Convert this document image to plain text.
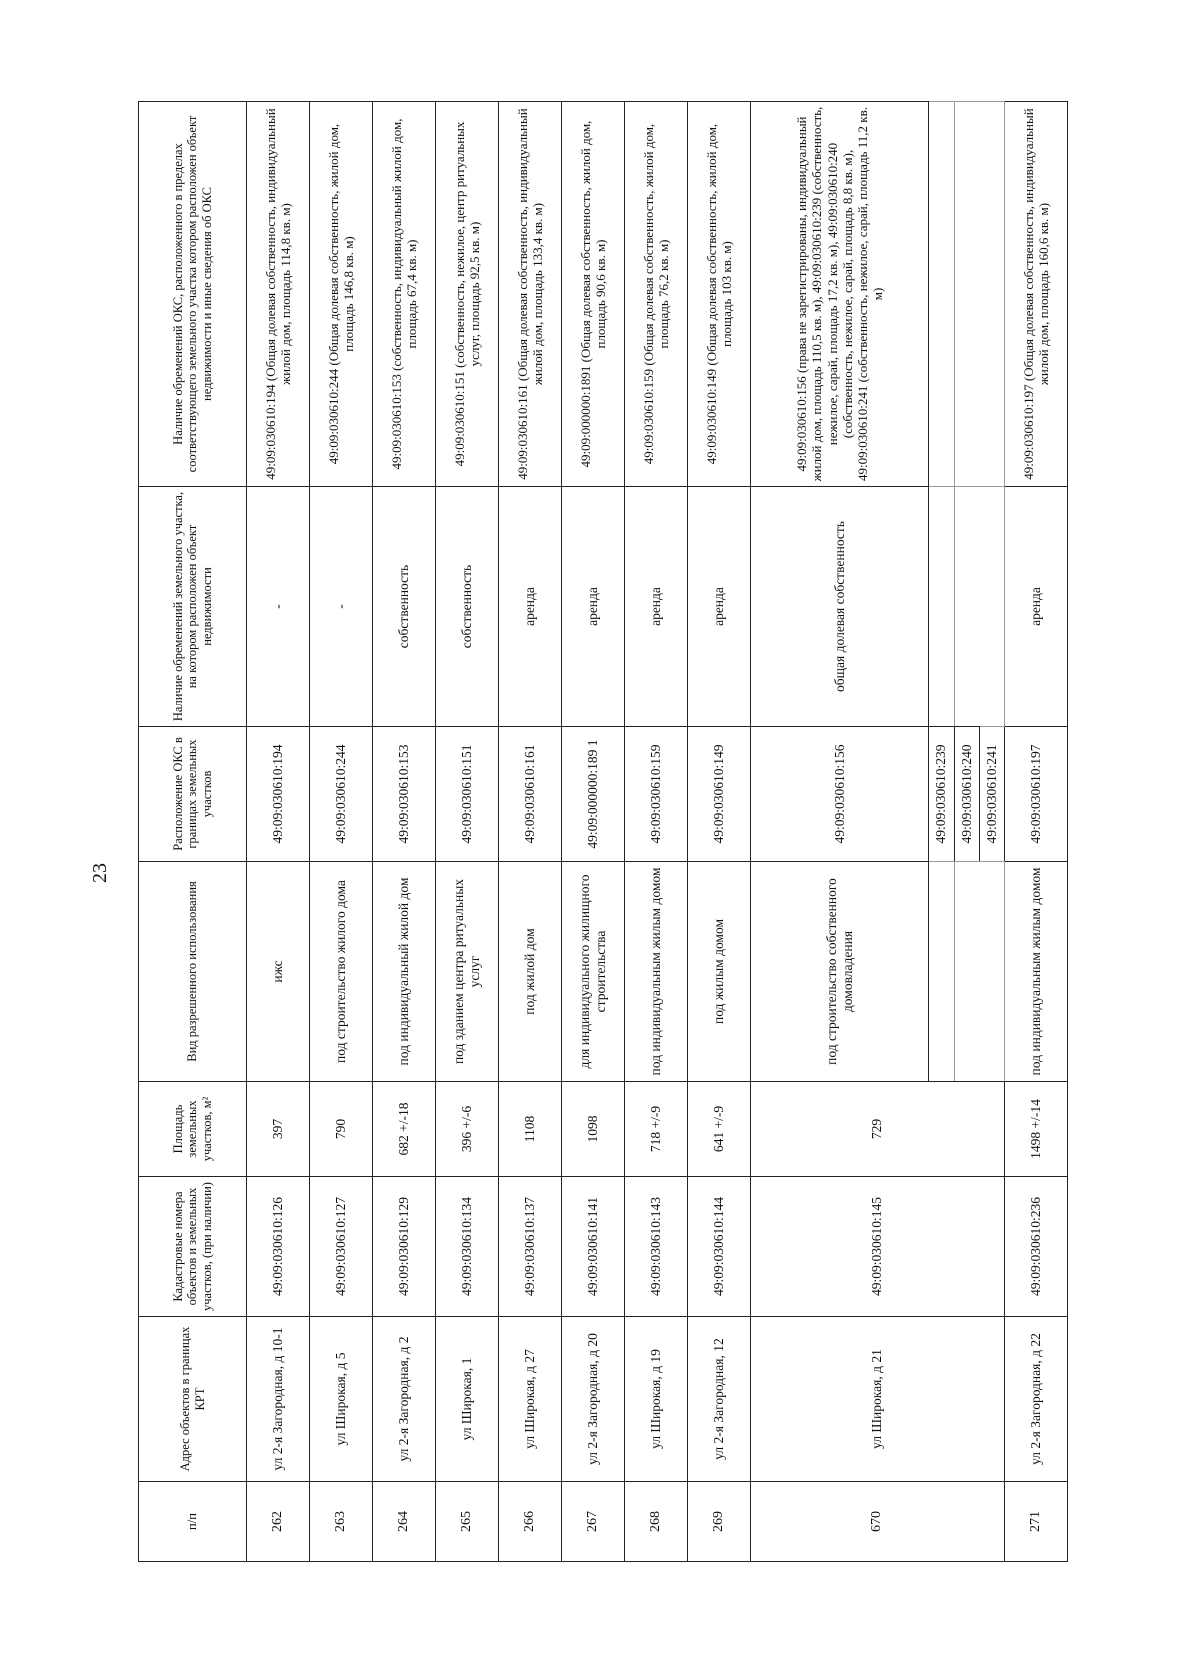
23
п/п	Адрес объектов в границах КРТ	Кадастровые номера объектов и земельных участков, (при наличии)	Площадь земельных участков, м²	Вид разрешенного использования	Расположение ОКС в границах земельных участков	Наличие обременений земельного участка, на котором расположен объект недвижимости	Наличие обременений ОКС, расположенного в пределах соответствующего земельного участка котором расположен объект недвижимости и иные сведения об ОКС
262	ул 2-я Загородная, д 10-1	49:09:030610:126	397	ижс	49:09:030610:194	-	49:09:030610:194 (Общая долевая собственность, индивидуальный жилой дом, площадь 114,8 кв. м)
263	ул Широкая, д 5	49:09:030610:127	790	под строительство жилого дома	49:09:030610:244	-	49:09:030610:244 (Общая долевая собственность, жилой дом, площадь 146,8 кв. м)
264	ул 2-я Загородная, д 2	49:09:030610:129	682 +/-18	под индивидуальный жилой дом	49:09:030610:153	собственность	49:09:030610:153 (собственность, индивидуальный жилой дом, площадь 67,4 кв. м)
265	ул Широкая, 1	49:09:030610:134	396 +/-6	под зданием центра ритуальных услуг	49:09:030610:151	собственность	49:09:030610:151 (собственность, нежилое, центр ритуальных услуг, площадь 92,5 кв. м)
266	ул Широкая, д 27	49:09:030610:137	1108	под жилой дом	49:09:030610:161	аренда	49:09:030610:161 (Общая долевая собственность, индивидуальный жилой дом, площадь 133,4 кв. м)
267	ул 2-я Загородная, д 20	49:09:030610:141	1098	для индивидуального жилищного строительства	49:09:000000:189 1	аренда	49:09:000000:1891 (Общая долевая собственность, жилой дом, площадь 90,6 кв. м)
268	ул Широкая, д 19	49:09:030610:143	718 +/-9	под индивидуальным жилым домом	49:09:030610:159	аренда	49:09:030610:159 (Общая долевая собственность, жилой дом, площадь 76,2 кв. м)
269	ул 2-я Загородная, 12	49:09:030610:144	641 +/-9	под жилым домом	49:09:030610:149	аренда	49:09:030610:149 (Общая долевая собственность, жилой дом, площадь 103 кв. м)
670	ул Широкая, д 21	49:09:030610:145	729	под строительство собственного домовладения	49:09:030610:156	общая долевая собственность	49:09:030610:156 (права не зарегистрированы, индивидуальный жилой дом, площадь 110,5 кв. м), 49:09:030610:239 (собственность, нежилое, сарай, площадь 17,2 кв. м), 49:09:030610:240 (собственность, нежилое, сарай, площадь 8,8 кв. м), 49:09:030610:241 (собственность, нежилое, сарай, площадь 11,2 кв. м)
					49:09:030610:239		
					49:09:030610:240		
					49:09:030610:241		
271	ул 2-я Загородная, д 22	49:09:030610:236	1498 +/-14	под индивидуальным жилым домом	49:09:030610:197	аренда	49:09:030610:197 (Общая долевая собственность, индивидуальный жилой дом, площадь 160,6 кв. м)
